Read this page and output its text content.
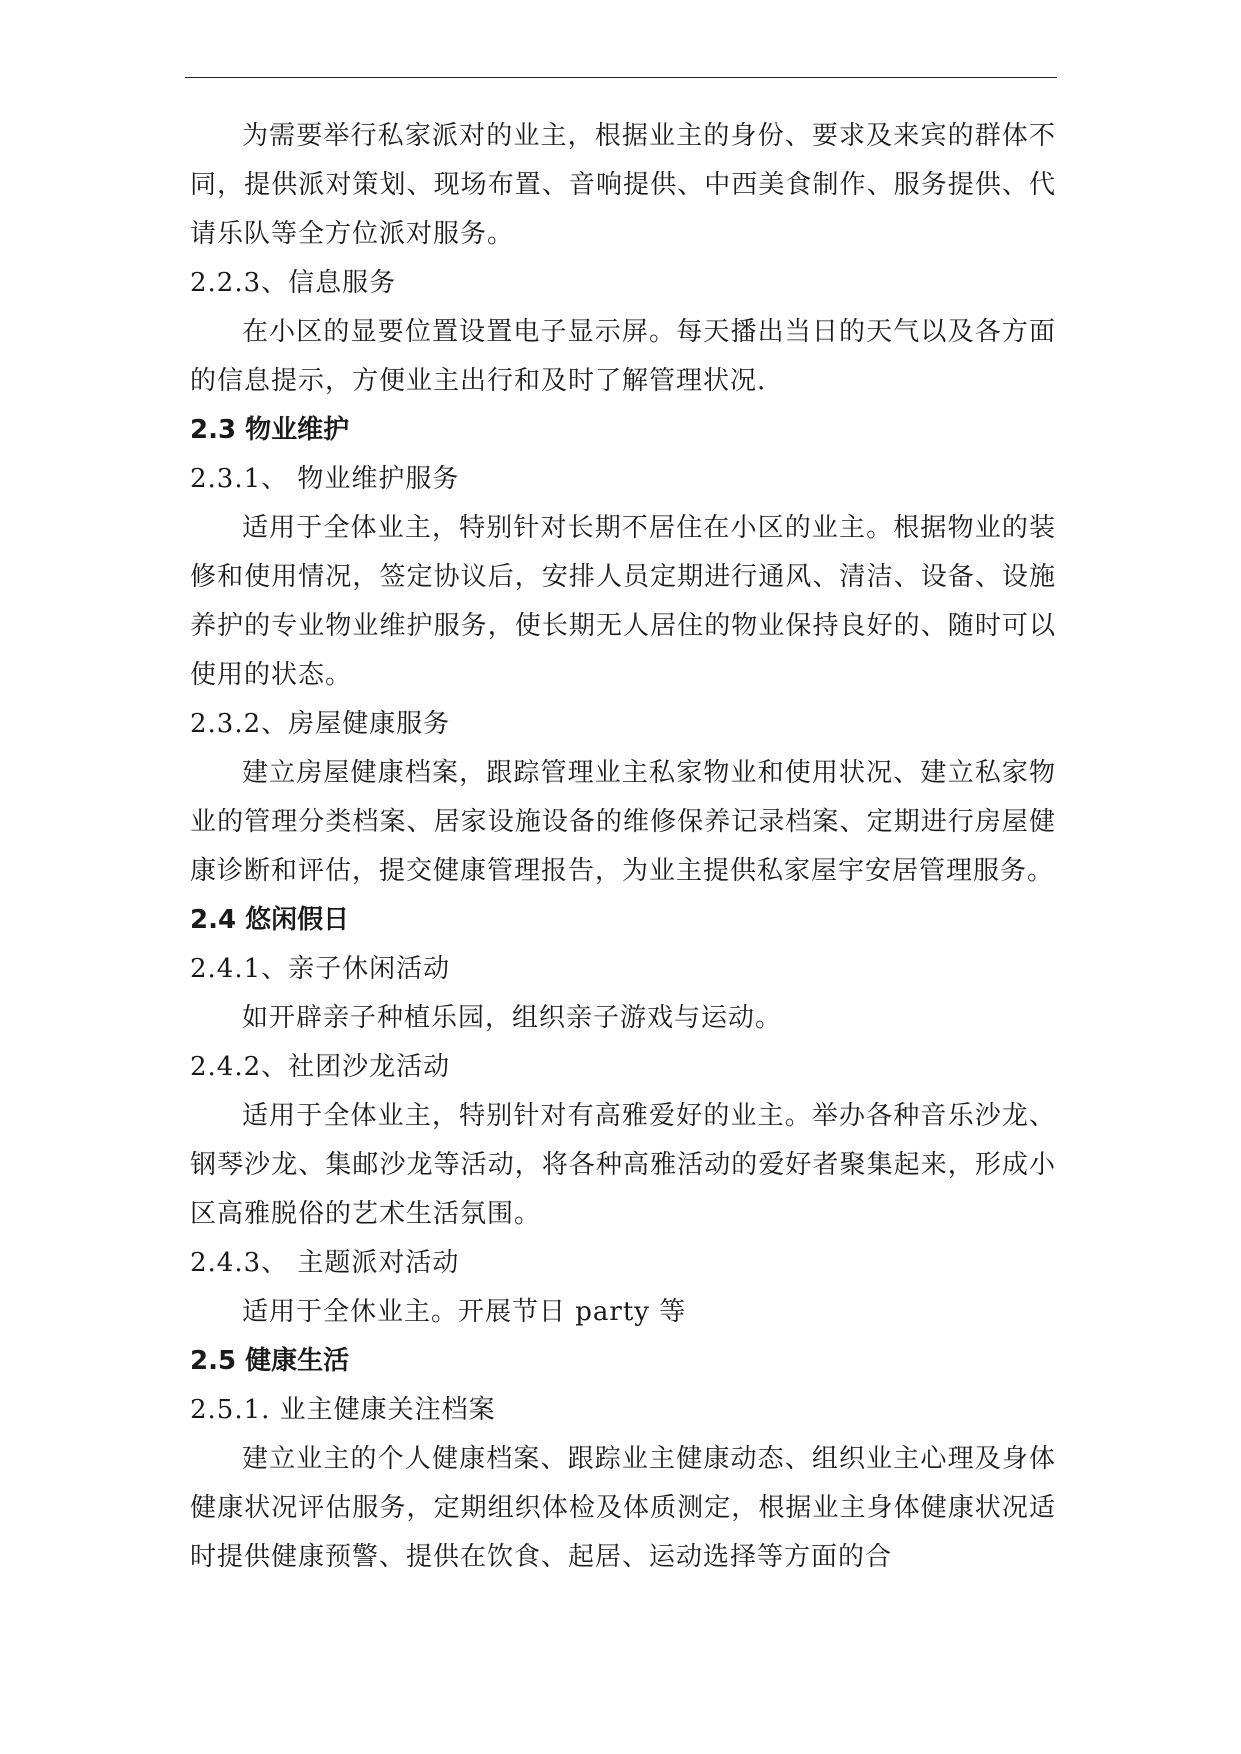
为需要举行私家派对的业主，根据业主的身份、要求及来宾的群体不同，提供派对策划、现场布置、音响提供、中西美食制作、服务提供、代请乐队等全方位派对服务。
2.2.3、信息服务
在小区的显要位置设置电子显示屏。每天播出当日的天气以及各方面的信息提示，方便业主出行和及时了解管理状况.
2.3 物业维护
2.3.1、 物业维护服务
适用于全体业主，特别针对长期不居住在小区的业主。根据物业的装修和使用情况，签定协议后，安排人员定期进行通风、清洁、设备、设施养护的专业物业维护服务，使长期无人居住的物业保持良好的、随时可以使用的状态。
2.3.2、房屋健康服务
建立房屋健康档案，跟踪管理业主私家物业和使用状况、建立私家物业的管理分类档案、居家设施设备的维修保养记录档案、定期进行房屋健康诊断和评估，提交健康管理报告，为业主提供私家屋宇安居管理服务。
2.4 悠闲假日
2.4.1、亲子休闲活动
如开辟亲子种植乐园，组织亲子游戏与运动。
2.4.2、社团沙龙活动
适用于全体业主，特别针对有高雅爱好的业主。举办各种音乐沙龙、钢琴沙龙、集邮沙龙等活动，将各种高雅活动的爱好者聚集起来，形成小区高雅脱俗的艺术生活氛围。
2.4.3、 主题派对活动
适用于全休业主。开展节日 party 等
2.5 健康生活
2.5.1. 业主健康关注档案
建立业主的个人健康档案、跟踪业主健康动态、组织业主心理及身体健康状况评估服务，定期组织体检及体质测定，根据业主身体健康状况适时提供健康预警、提供在饮食、起居、运动选择等方面的合
